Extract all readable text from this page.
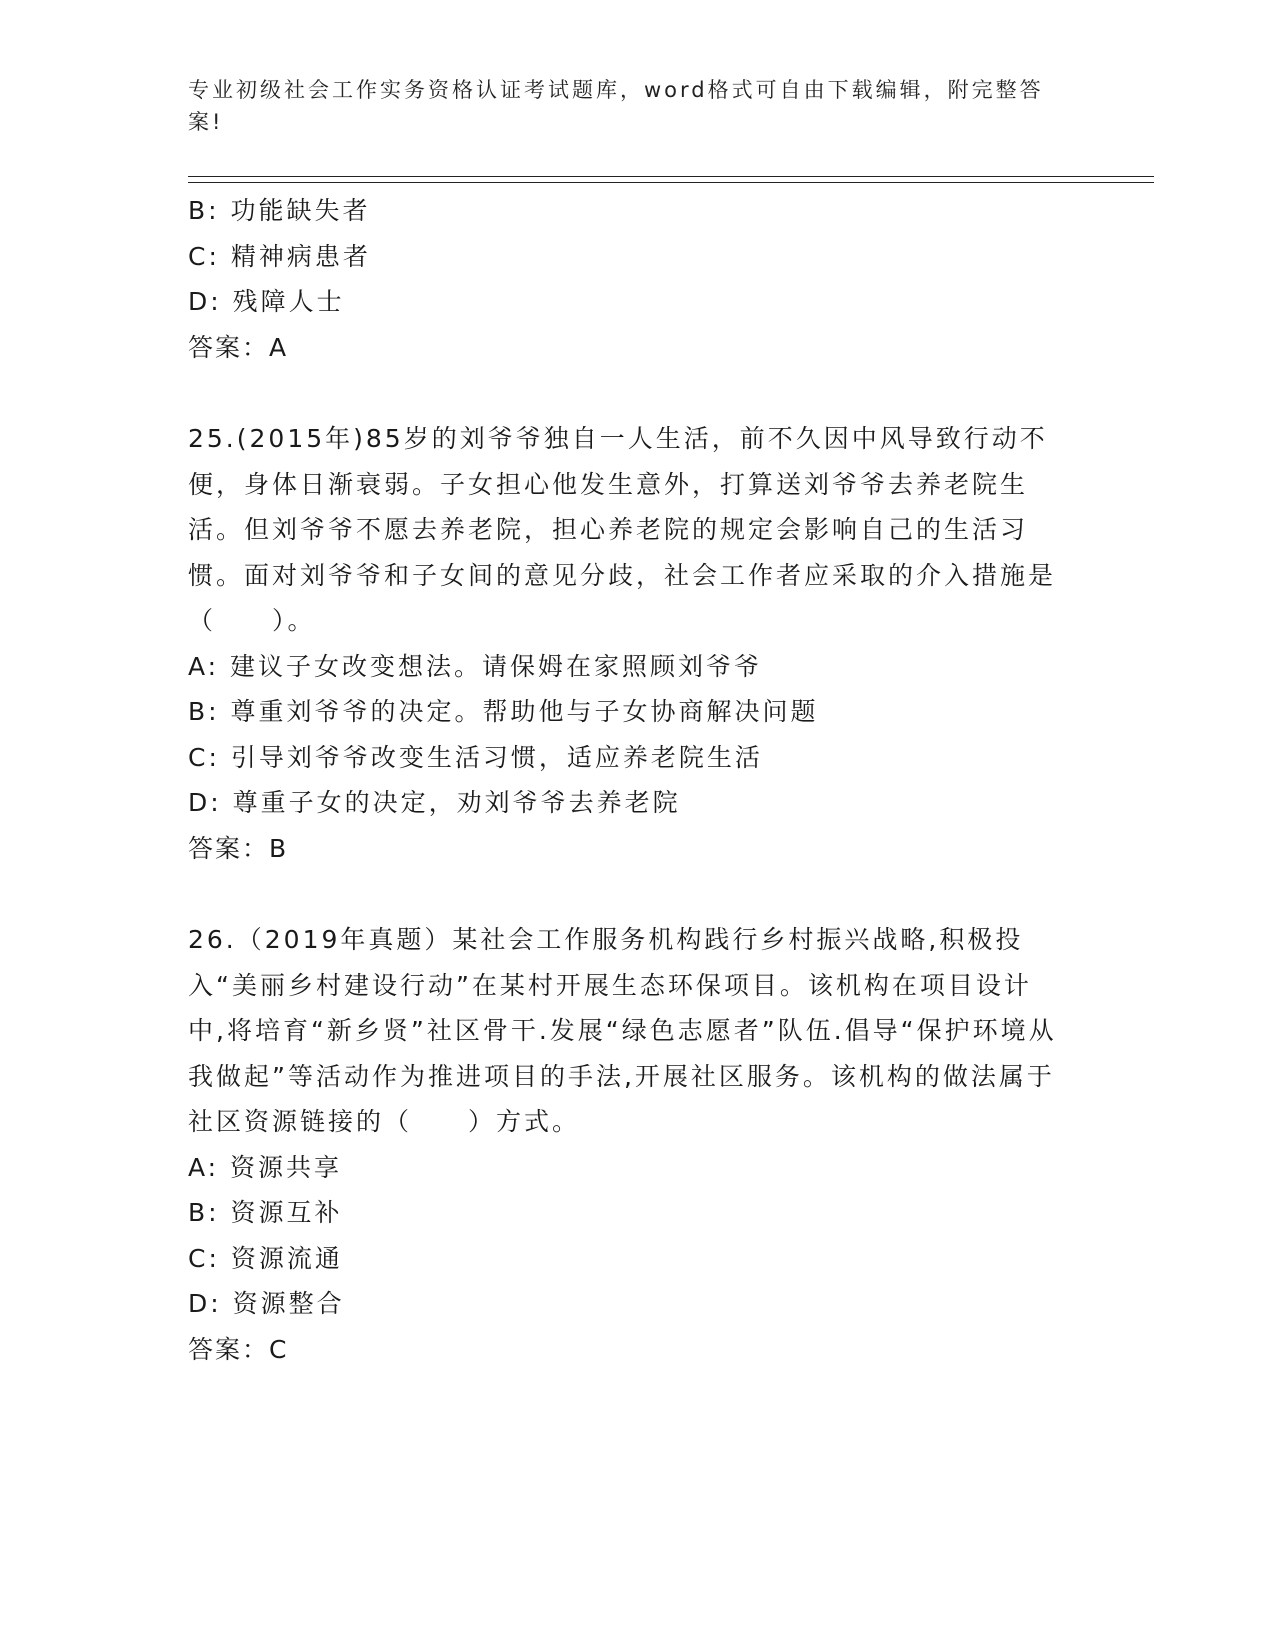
专业初级社会工作实务资格认证考试题库，word格式可自由下载编辑，附完整答案!
B: 功能缺失者
C: 精神病患者
D: 残障人士
答案：A
25.(2015年)85岁的刘爷爷独自一人生活，前不久因中风导致行动不便，身体日渐衰弱。子女担心他发生意外，打算送刘爷爷去养老院生活。但刘爷爷不愿去养老院，担心养老院的规定会影响自己的生活习惯。面对刘爷爷和子女间的意见分歧，社会工作者应采取的介入措施是（　　）。
A: 建议子女改变想法。请保姆在家照顾刘爷爷
B: 尊重刘爷爷的决定。帮助他与子女协商解决问题
C: 引导刘爷爷改变生活习惯，适应养老院生活
D: 尊重子女的决定，劝刘爷爷去养老院
答案：B
26.（2019年真题）某社会工作服务机构践行乡村振兴战略,积极投入“美丽乡村建设行动”在某村开展生态环保项目。该机构在项目设计中,将培育“新乡贤”社区骨干.发展“绿色志愿者”队伍.倡导“保护环境从我做起”等活动作为推进项目的手法,开展社区服务。该机构的做法属于社区资源链接的（　　）方式。
A: 资源共享
B: 资源互补
C: 资源流通
D: 资源整合
答案：C
